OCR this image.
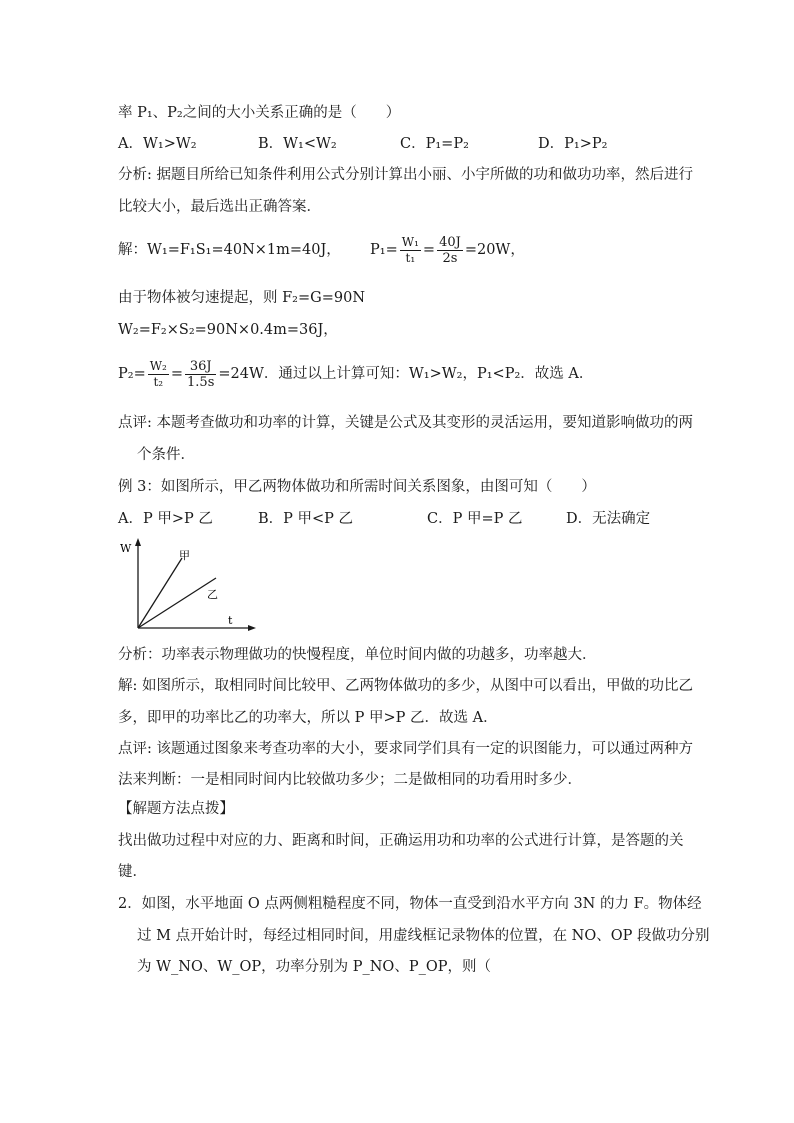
率 P₁、P₂之间的大小关系正确的是（　　）
A．W₁>W₂	B．W₁<W₂	C．P₁=P₂	D．P₁>P₂
分析: 据题目所给已知条件利用公式分别计算出小丽、小宇所做的功和做功功率，然后进行
比较大小，最后选出正确答案．
解：W₁=F₁S₁=40N×1m=40J， $P_1= \frac{\text{W₁}}{\text{t₁}} = \frac{40J}{2s} =20W$，
由于物体被匀速提起，则 F₂=G=90N
W₂=F₂×S₂=90N×0.4m=36J，
$P_2= \frac{\text{W₂}}{\text{t₂}} = \frac{36J}{1.5s} =24W$．通过以上计算可知：W₁>W₂，P₁<P₂．故选 A．
点评: 本题考查做功和功率的计算，关键是公式及其变形的灵活运用，要知道影响做功的两
个条件．
例 3：如图所示，甲乙两物体做功和所需时间关系图象，由图可知（　　）
A．P 甲>P 乙	B．P 甲<P 乙	C．P 甲=P 乙	D．无法确定
W
t
甲
乙
分析：功率表示物理做功的快慢程度，单位时间内做的功越多，功率越大．
解: 如图所示，取相同时间比较甲、乙两物体做功的多少，从图中可以看出，甲做的功比乙
多，即甲的功率比乙的功率大，所以 P 甲>P 乙．故选 A．
点评: 该题通过图象来考查功率的大小，要求同学们具有一定的识图能力，可以通过两种方
法来判断：一是相同时间内比较做功多少；二是做相同的功看用时多少．
【解题方法点拨】
找出做功过程中对应的力、距离和时间，正确运用功和功率的公式进行计算，是答题的关
键．
2．如图，水平地面 O 点两侧粗糙程度不同，物体一直受到沿水平方向 3N 的力 F。物体经
过 M 点开始计时，每经过相同时间，用虚线框记录物体的位置，在 NO、OP 段做功分别
为 W_NO、W_OP，功率分别为 P_NO、P_OP，则（
